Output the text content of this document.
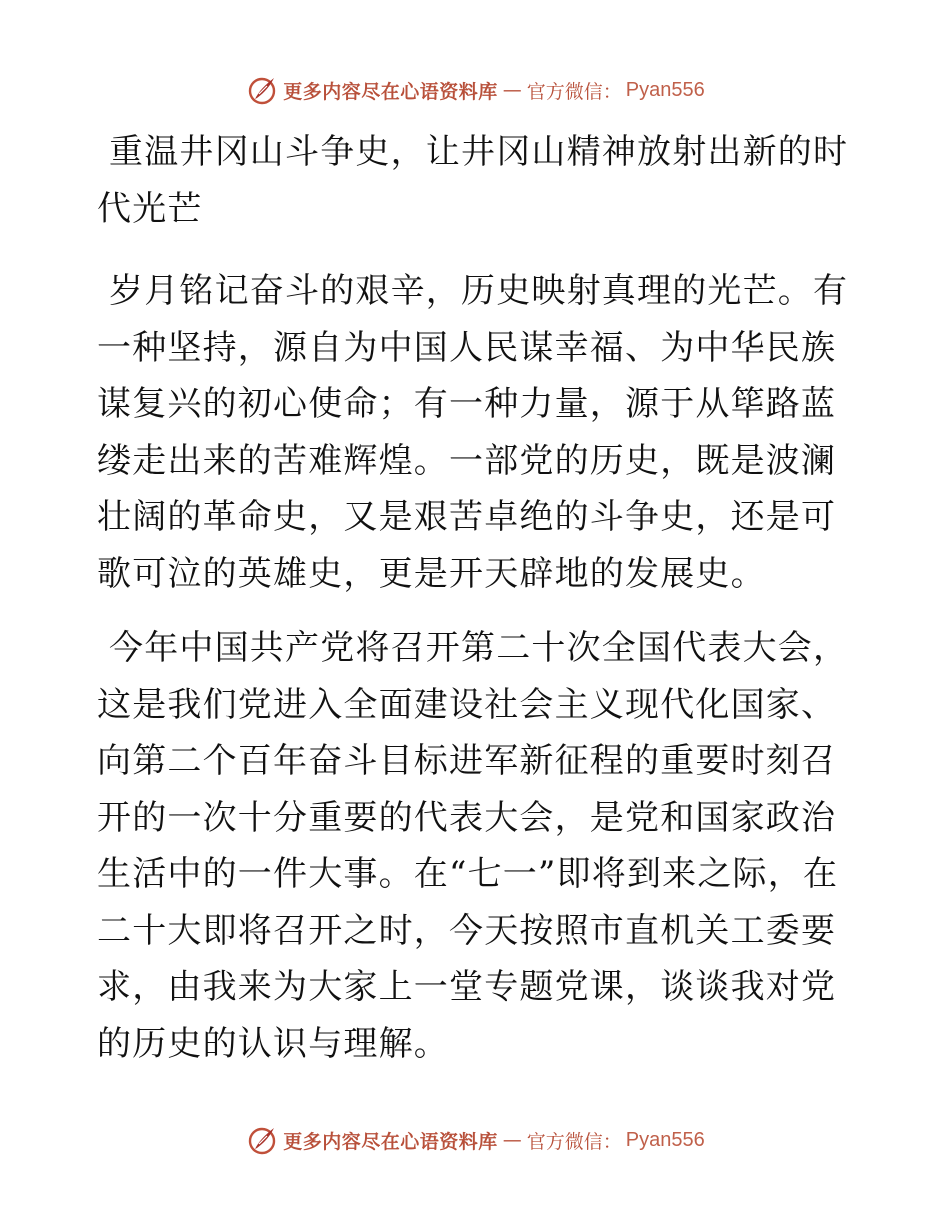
更多内容尽在心语资料库 — 官方微信： Pyan556

重温井冈山斗争史，让井冈山精神放射出新的时代光芒

岁月铭记奋斗的艰辛，历史映射真理的光芒。有一种坚持，源自为中国人民谋幸福、为中华民族谋复兴的初心使命；有一种力量，源于从筚路蓝缕走出来的苦难辉煌。一部党的历史，既是波澜壮阔的革命史，又是艰苦卓绝的斗争史，还是可歌可泣的英雄史，更是开天辟地的发展史。

今年中国共产党将召开第二十次全国代表大会，这是我们党进入全面建设社会主义现代化国家、向第二个百年奋斗目标进军新征程的重要时刻召开的一次十分重要的代表大会，是党和国家政治生活中的一件大事。在“七一”即将到来之际，在二十大即将召开之时，今天按照市直机关工委要求，由我来为大家上一堂专题党课，谈谈我对党的历史的认识与理解。

更多内容尽在心语资料库 — 官方微信： Pyan556
